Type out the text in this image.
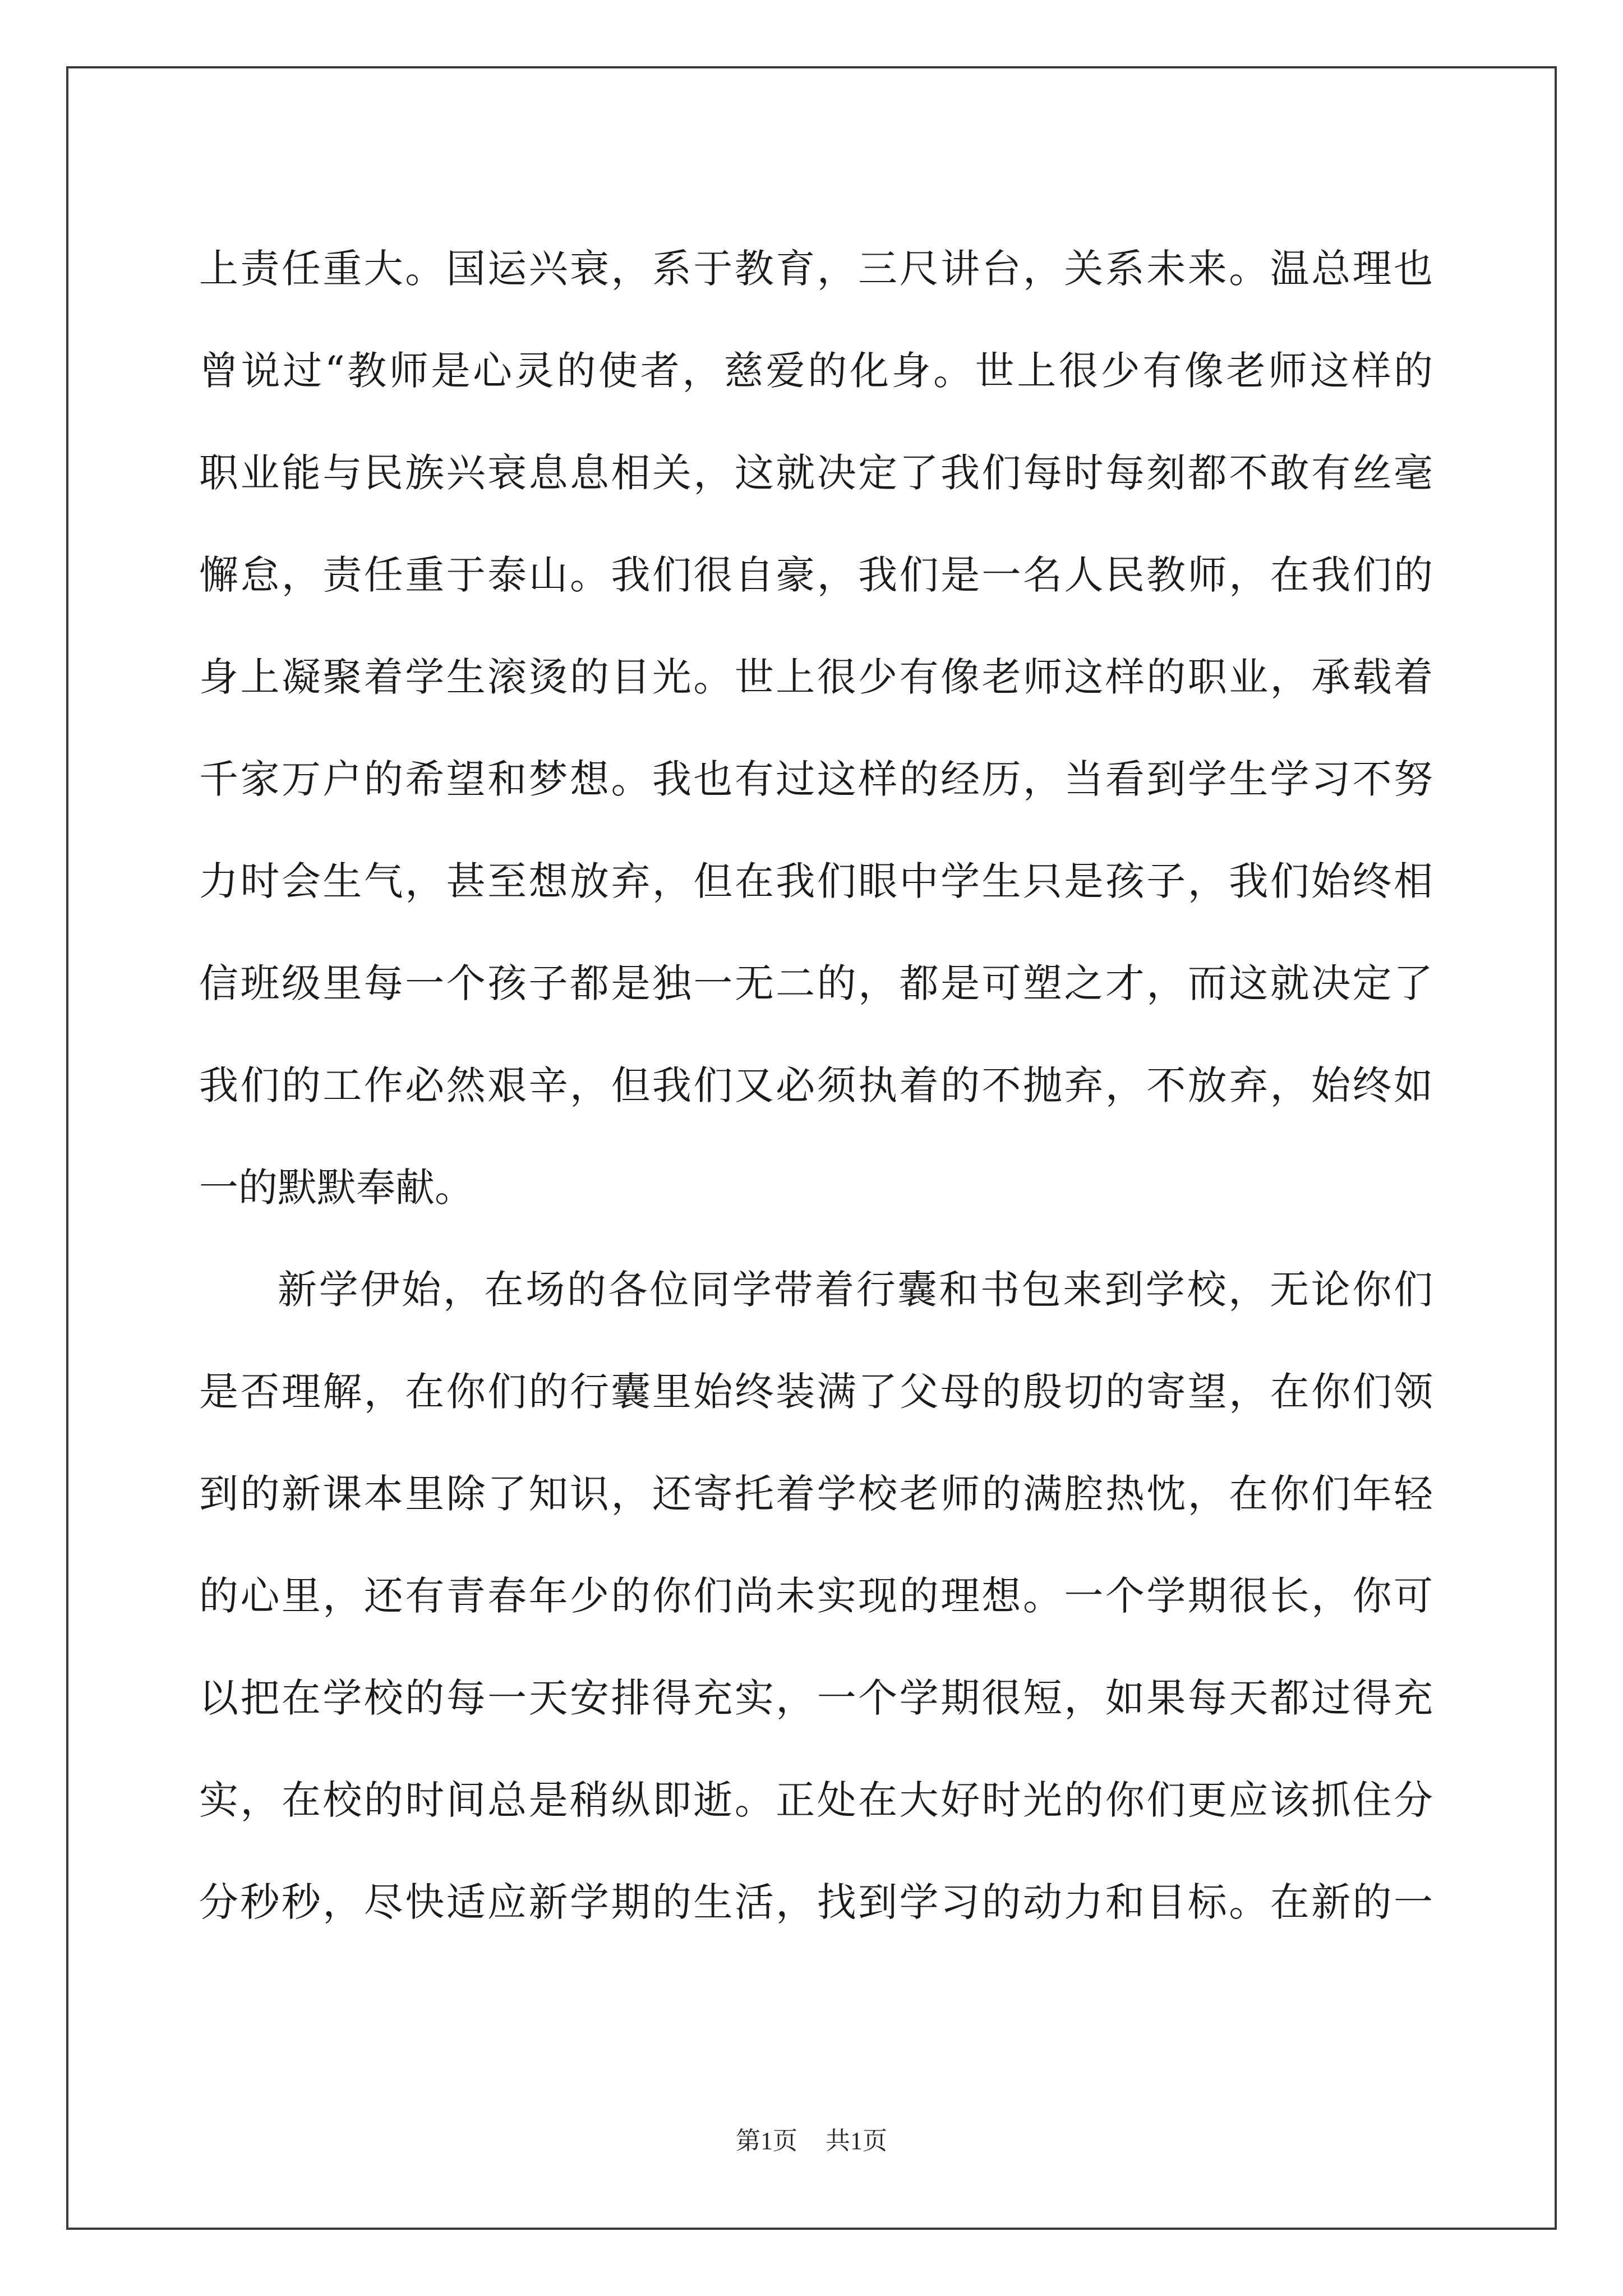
上责任重大。国运兴衰，系于教育，三尺讲台，关系未来。温总理也
曾说过“教师是心灵的使者，慈爱的化身。世上很少有像老师这样的
职业能与民族兴衰息息相关，这就决定了我们每时每刻都不敢有丝毫
懈怠，责任重于泰山。我们很自豪，我们是一名人民教师，在我们的
身上凝聚着学生滚烫的目光。世上很少有像老师这样的职业，承载着
千家万户的希望和梦想。我也有过这样的经历，当看到学生学习不努
力时会生气，甚至想放弃，但在我们眼中学生只是孩子，我们始终相
信班级里每一个孩子都是独一无二的，都是可塑之才，而这就决定了
我们的工作必然艰辛，但我们又必须执着的不抛弃，不放弃，始终如
一的默默奉献。
新学伊始，在场的各位同学带着行囊和书包来到学校，无论你们
是否理解，在你们的行囊里始终装满了父母的殷切的寄望，在你们领
到的新课本里除了知识，还寄托着学校老师的满腔热忱，在你们年轻
的心里，还有青春年少的你们尚未实现的理想。一个学期很长，你可
以把在学校的每一天安排得充实，一个学期很短，如果每天都过得充
实，在校的时间总是稍纵即逝。正处在大好时光的你们更应该抓住分
分秒秒，尽快适应新学期的生活，找到学习的动力和目标。在新的一
第1页 共1页
